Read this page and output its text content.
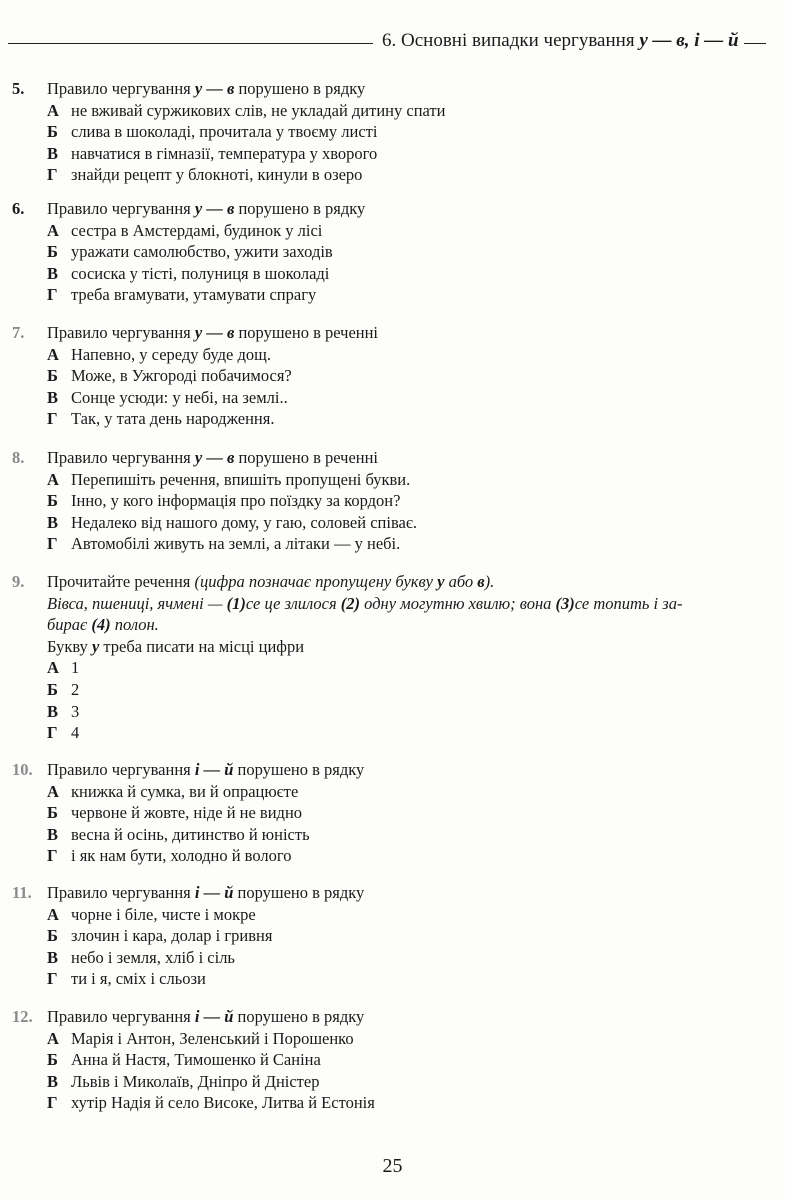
6. Основні випадки чергування у — в, і — й
5.	Правило чергування у — в порушено в рядку
А не вживай суржикових слів, не укладай дитину спати
Б слива в шоколаді, прочитала у твоєму листі
В навчатися в гімназії, температура у хворого
Г знайди рецепт у блокноті, кинули в озеро
6.	Правило чергування у — в порушено в рядку
А сестра в Амстердамі, будинок у лісі
Б уражати самолюбство, ужити заходів
В сосиска у тісті, полуниця в шоколаді
Г треба вгамувати, утамувати спрагу
7.	Правило чергування у — в порушено в реченні
А Напевно, у середу буде дощ.
Б Може, в Ужгороді побачимося?
В Сонце усюди: у небі, на землі..
Г Так, у тата день народження.
8.	Правило чергування у — в порушено в реченні
А Перепишіть речення, впишіть пропущені букви.
Б Інно, у кого інформація про поїздку за кордон?
В Недалеко від нашого дому, у гаю, соловей співає.
Г Автомобілі живуть на землі, а літаки — у небі.
9.	Прочитайте речення (цифра позначає пропущену букву у або в).
Вівса, пшениці, ячмені — (1)се це злилося (2) одну могутню хвилю; вона (3)се топить і за-
бирає (4) полон.
Букву у треба писати на місці цифри
А 1
Б 2
В 3
Г 4
10. Правило чергування і — й порушено в рядку
А книжка й сумка, ви й опрацюєте
Б червоне й жовте, ніде й не видно
В весна й осінь, дитинство й юність
Г і як нам бути, холодно й волого
11. Правило чергування і — й порушено в рядку
А чорне і біле, чисте і мокре
Б злочин і кара, долар і гривня
В небо і земля, хліб і сіль
Г ти і я, сміх і сльози
12. Правило чергування і — й порушено в рядку
А Марія і Антон, Зеленський і Порошенко
Б Анна й Настя, Тимошенко й Саніна
В Львів і Миколаїв, Дніпро й Дністер
Г хутір Надія й село Високе, Литва й Естонія
25
